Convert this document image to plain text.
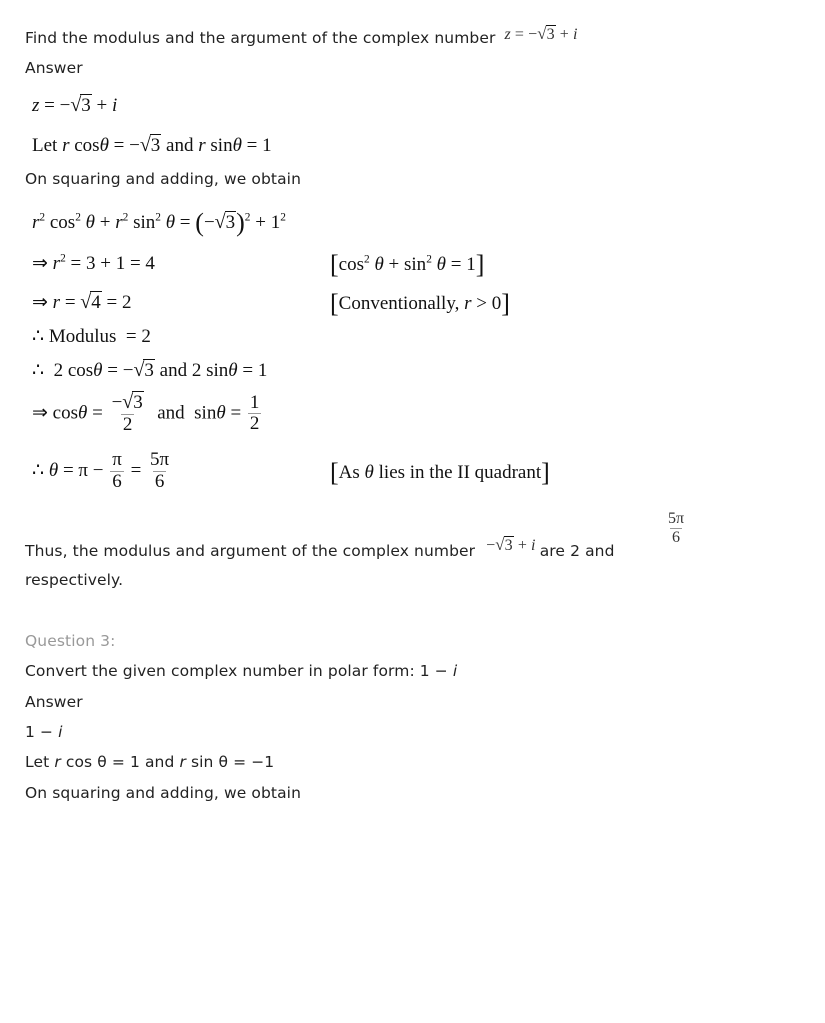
Find the modulus and the argument of the complex number z = −√3 + i
Answer
z = −√3 + i
Let r cosθ = −√3 and r sinθ = 1
On squaring and adding, we obtain
$r^2$ $\cos^2 \theta + r^2$ $\sin^2 \theta = (-√3)^2 + 1^2$
⇒ $r^2 = 3 + 1 = 4$	[$\cos^2$ $\theta + \sin^2 \theta = 1$]
⇒ r = √4 = 2	[Conventionally, r > 0]
∴ Modulus  = 2
∴  2 cosθ = −√3 and 2 sinθ = 1
⇒ $\cos\theta = \frac{-√3}{2}$ and  $\sin\theta = \frac{1}{2}$
∴ $\theta = \pi - \frac{\pi}{6} = \frac{5\pi}{6}$	[As θ lies in the II quadrant]
Thus, the modulus and argument of the complex number −√3 + i are 2 and
$\frac{5\pi}{6}$
respectively.
Question 3:
Convert the given complex number in polar form: 1 − i
Answer
1 − i
Let r cos θ = 1 and r sin θ = −1
On squaring and adding, we obtain
